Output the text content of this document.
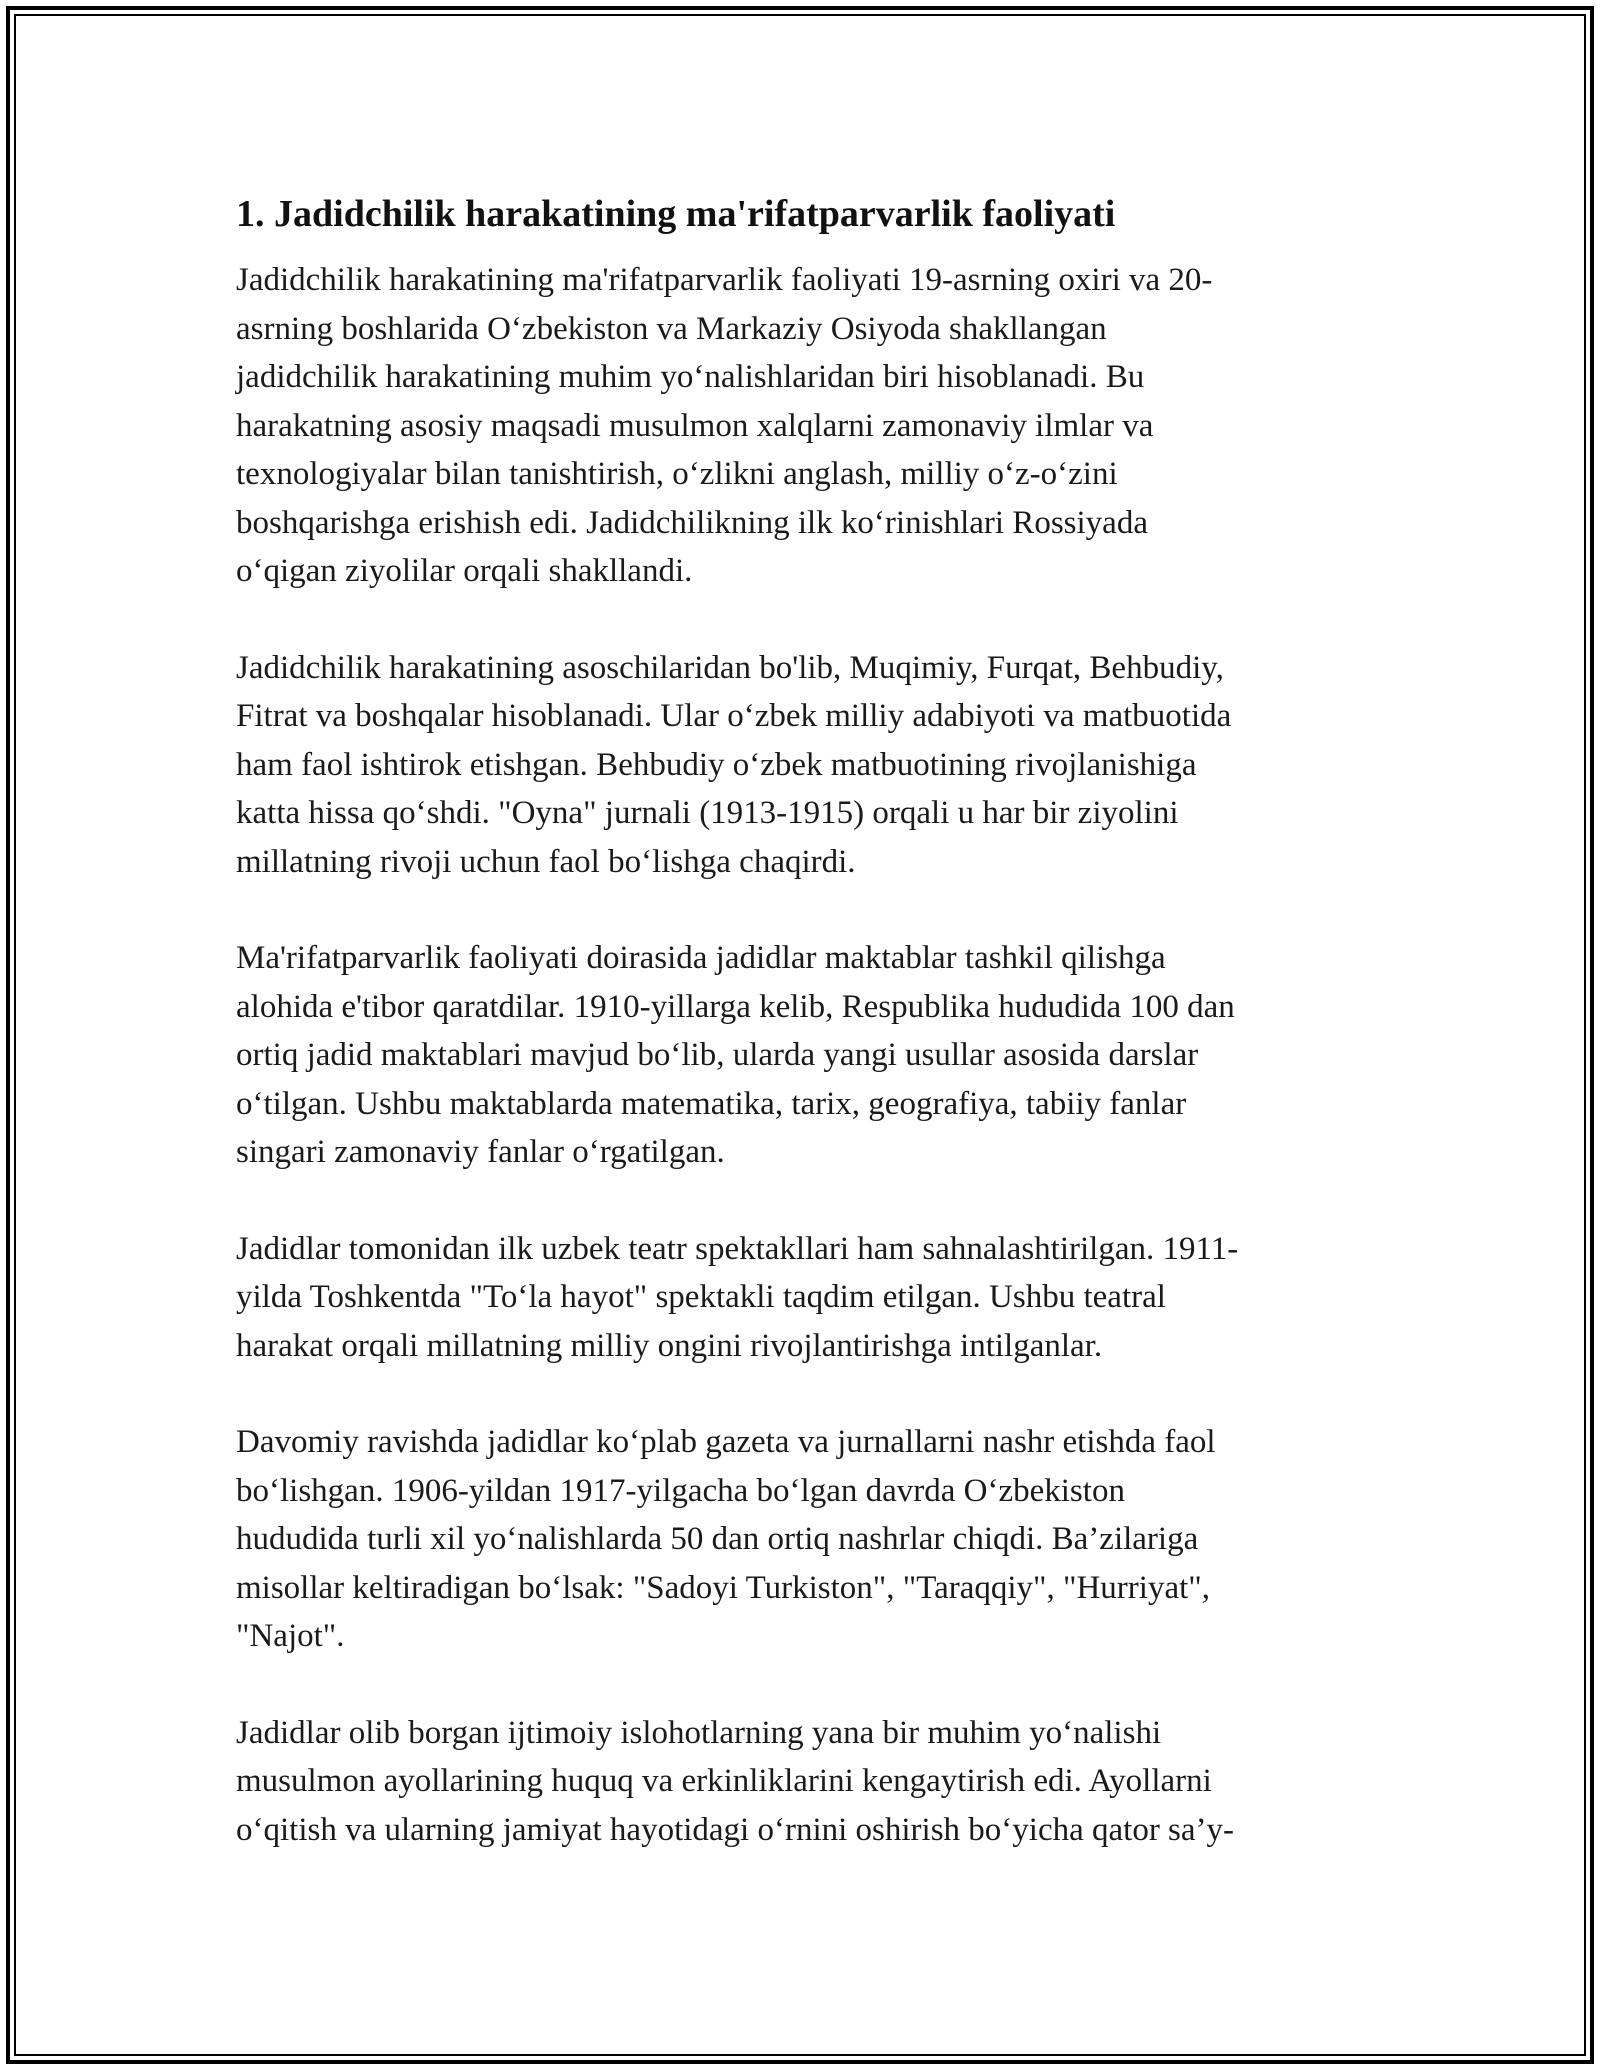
1. Jadidchilik harakatining ma'rifatparvarlik faoliyati

Jadidchilik harakatining ma'rifatparvarlik faoliyati 19-asrning oxiri va 20-
asrning boshlarida O‘zbekiston va Markaziy Osiyoda shakllangan
jadidchilik harakatining muhim yo‘nalishlaridan biri hisoblanadi. Bu
harakatning asosiy maqsadi musulmon xalqlarni zamonaviy ilmlar va
texnologiyalar bilan tanishtirish, o‘zlikni anglash, milliy o‘z-o‘zini
boshqarishga erishish edi. Jadidchilikning ilk ko‘rinishlari Rossiyada
o‘qigan ziyolilar orqali shakllandi.

Jadidchilik harakatining asoschilaridan bo'lib, Muqimiy, Furqat, Behbudiy,
Fitrat va boshqalar hisoblanadi. Ular o‘zbek milliy adabiyoti va matbuotida
ham faol ishtirok etishgan. Behbudiy o‘zbek matbuotining rivojlanishiga
katta hissa qo‘shdi. "Oyna" jurnali (1913-1915) orqali u har bir ziyolini
millatning rivoji uchun faol bo‘lishga chaqirdi.

Ma'rifatparvarlik faoliyati doirasida jadidlar maktablar tashkil qilishga
alohida e'tibor qaratdilar. 1910-yillarga kelib, Respublika hududida 100 dan
ortiq jadid maktablari mavjud bo‘lib, ularda yangi usullar asosida darslar
o‘tilgan. Ushbu maktablarda matematika, tarix, geografiya, tabiiy fanlar
singari zamonaviy fanlar o‘rgatilgan.

Jadidlar tomonidan ilk uzbek teatr spektakllari ham sahnalashtirilgan. 1911-
yilda Toshkentda "To‘la hayot" spektakli taqdim etilgan. Ushbu teatral
harakat orqali millatning milliy ongini rivojlantirishga intilganlar.

Davomiy ravishda jadidlar ko‘plab gazeta va jurnallarni nashr etishda faol
bo‘lishgan. 1906-yildan 1917-yilgacha bo‘lgan davrda O‘zbekiston
hududida turli xil yo‘nalishlarda 50 dan ortiq nashrlar chiqdi. Ba’zilariga
misollar keltiradigan bo‘lsak: "Sadoyi Turkiston", "Taraqqiy", "Hurriyat",
"Najot".

Jadidlar olib borgan ijtimoiy islohotlarning yana bir muhim yo‘nalishi
musulmon ayollarining huquq va erkinliklarini kengaytirish edi. Ayollarni
o‘qitish va ularning jamiyat hayotidagi o‘rnini oshirish bo‘yicha qator sa’y-
